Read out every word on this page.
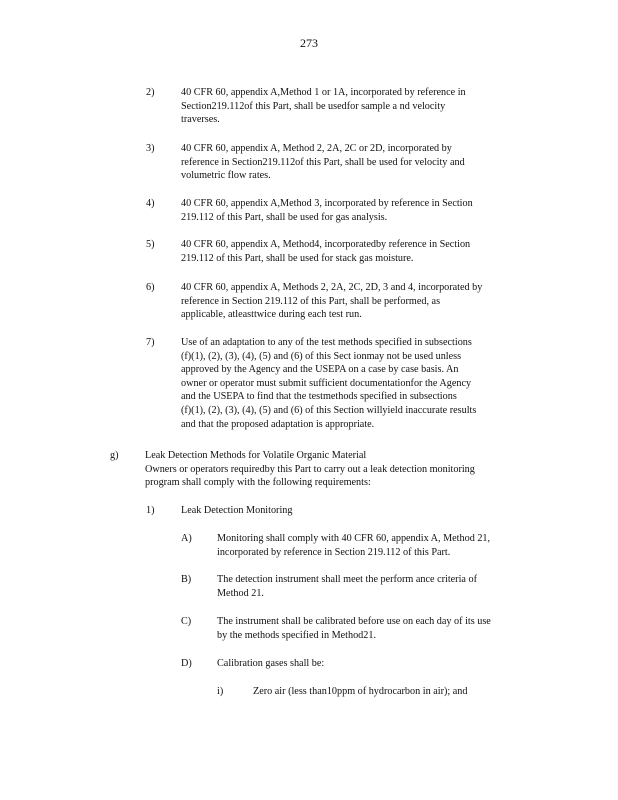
273
2)	40 CFR 60, appendix A,Method 1 or 1A, incorporated by reference in
Section219.112of this Part, shall be usedfor sample a nd velocity
traverses.
3)	40 CFR 60, appendix A, Method 2, 2A, 2C or 2D, incorporated by
reference in Section219.112of this Part, shall be used for velocity and
volumetric flow rates.
4)	40 CFR 60, appendix A,Method 3, incorporated by reference in Section
219.112 of this Part, shall be used for gas analysis.
5)	40 CFR 60, appendix A, Method4, incorporatedby reference in Section
219.112 of this Part, shall be used for stack gas moisture.
6)	40 CFR 60, appendix A, Methods 2, 2A, 2C, 2D, 3 and 4, incorporated by
reference in Section 219.112 of this Part, shall be performed, as
applicable, atleasttwice during each test run.
7)	Use of an adaptation to any of the test methods specified in subsections
(f)(1), (2), (3), (4), (5) and (6) of this Sect ionmay not be used unless
approved by the Agency and the USEPA on a case by case basis. An
owner or operator must submit sufficient documentationfor the Agency
and the USEPA to find that the testmethods specified in subsections
(f)(1), (2), (3), (4), (5) and (6) of this Section willyield inaccurate results
and that the proposed adaptation is appropriate.
g)	Leak Detection Methods for Volatile Organic Material
Owners or operators requiredby this Part to carry out a leak detection monitoring
program shall comply with the following requirements:
1)	Leak Detection Monitoring
A) Monitoring shall comply with 40 CFR 60, appendix A, Method 21,
incorporated by reference in Section 219.112 of this Part.
B)	The detection instrument shall meet the perform ance criteria of
Method 21.
C)	The instrument shall be calibrated before use on each day of its use
by the methods specified in Method21.
D) Calibration gases shall be:
i)	Zero air (less than10ppm of hydrocarbon in air); and
